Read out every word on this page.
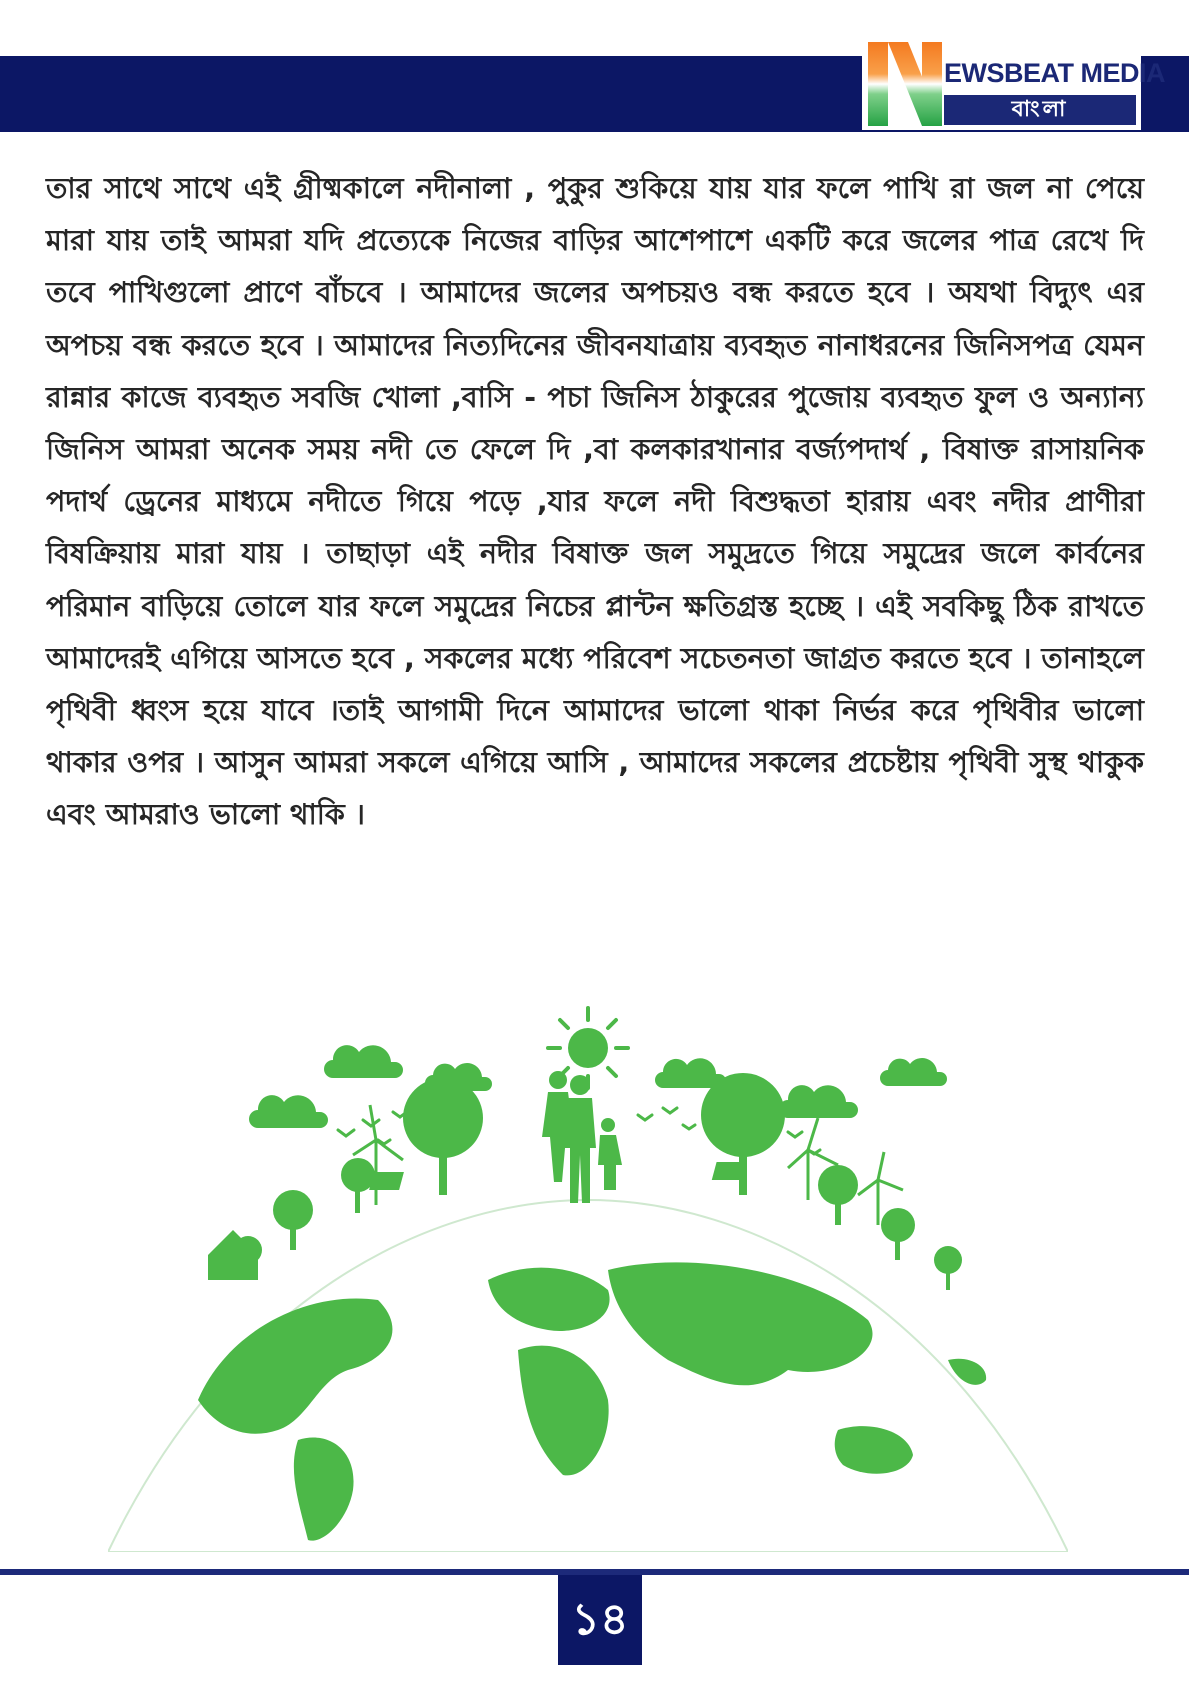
N
EWSBEAT MEDIA
বাংলা

তার সাথে সাথে এই গ্রীষ্মকালে নদীনালা , পুকুর শুকিয়ে যায় যার ফলে পাখি রা জল না পেয়ে মারা যায় তাই আমরা যদি প্রত্যেকে নিজের বাড়ির আশেপাশে একটি করে জলের পাত্র রেখে দি তবে পাখিগুলো প্রাণে বাঁচবে । আমাদের জলের অপচয়ও বন্ধ করতে হবে । অযথা বিদ্যুৎ এর অপচয় বন্ধ করতে হবে । আমাদের নিত্যদিনের জীবনযাত্রায় ব্যবহৃত নানাধরনের জিনিসপত্র যেমন রান্নার কাজে ব্যবহৃত সবজি খোলা ,বাসি - পচা জিনিস ঠাকুরের পুজোয় ব্যবহৃত ফুল ও অন্যান্য জিনিস আমরা অনেক সময় নদী তে ফেলে দি ,বা কলকারখানার বর্জ্যপদার্থ , বিষাক্ত রাসায়নিক পদার্থ ড্রেনের মাধ্যমে নদীতে গিয়ে পড়ে ,যার ফলে নদী বিশুদ্ধতা হারায় এবং নদীর প্রাণীরা বিষক্রিয়ায় মারা যায় । তাছাড়া এই নদীর বিষাক্ত জল সমুদ্রতে গিয়ে সমুদ্রের জলে কার্বনের পরিমান বাড়িয়ে তোলে যার ফলে সমুদ্রের নিচের প্লান্টন ক্ষতিগ্রস্ত হচ্ছে । এই সবকিছু ঠিক রাখতে আমাদেরই এগিয়ে আসতে হবে , সকলের মধ্যে পরিবেশ সচেতনতা জাগ্রত করতে হবে । তানাহলে পৃথিবী ধ্বংস হয়ে যাবে ।তাই আগামী দিনে আমাদের ভালো থাকা নির্ভর করে পৃথিবীর ভালো থাকার ওপর । আসুন আমরা সকলে এগিয়ে আসি , আমাদের সকলের প্রচেষ্টায় পৃথিবী সুস্থ থাকুক এবং আমরাও ভালো থাকি ।

১৪
